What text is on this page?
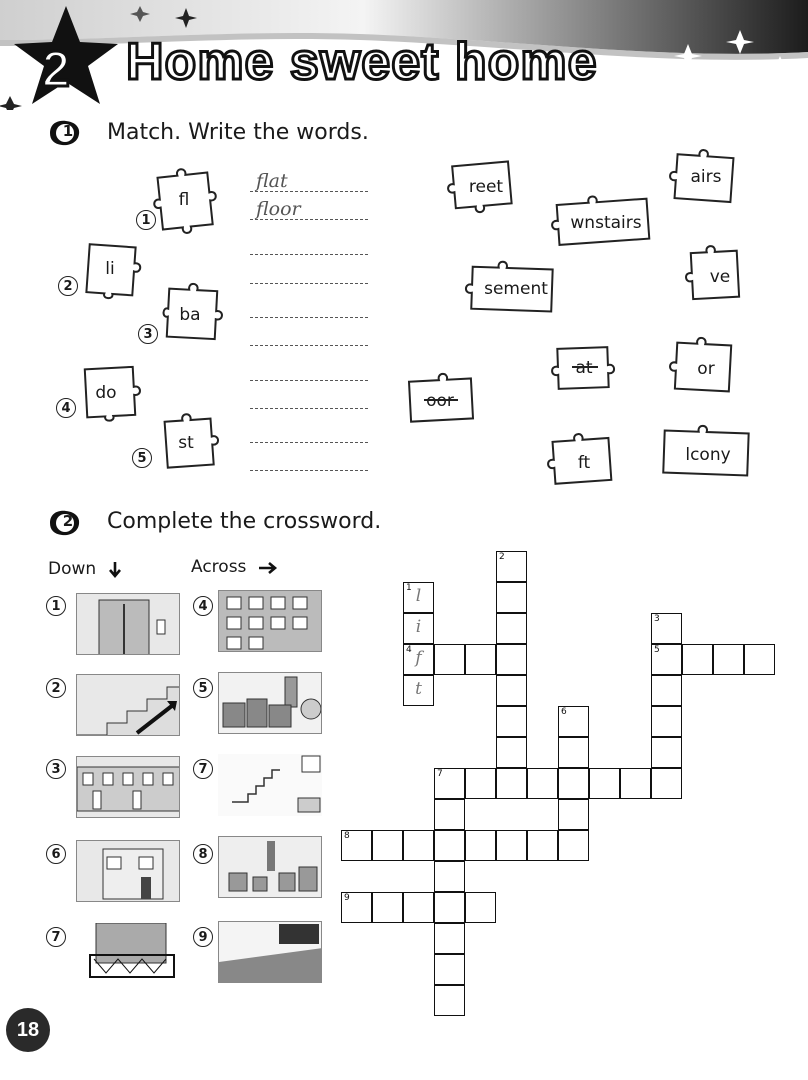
2 Home sweet home
1	Match. Write the words.
fl
1
li
2
ba
3
do
4
st
5
flat
floor
reet	airs
wnstairs
ve
sement
at	or
oor
ft	lcony
2	Complete the crossword.
Down	Across
1
2
3
6
7
4
5
7
8
9
1 l
i
4 f
t
2
3
5
6
7
8
9
18
